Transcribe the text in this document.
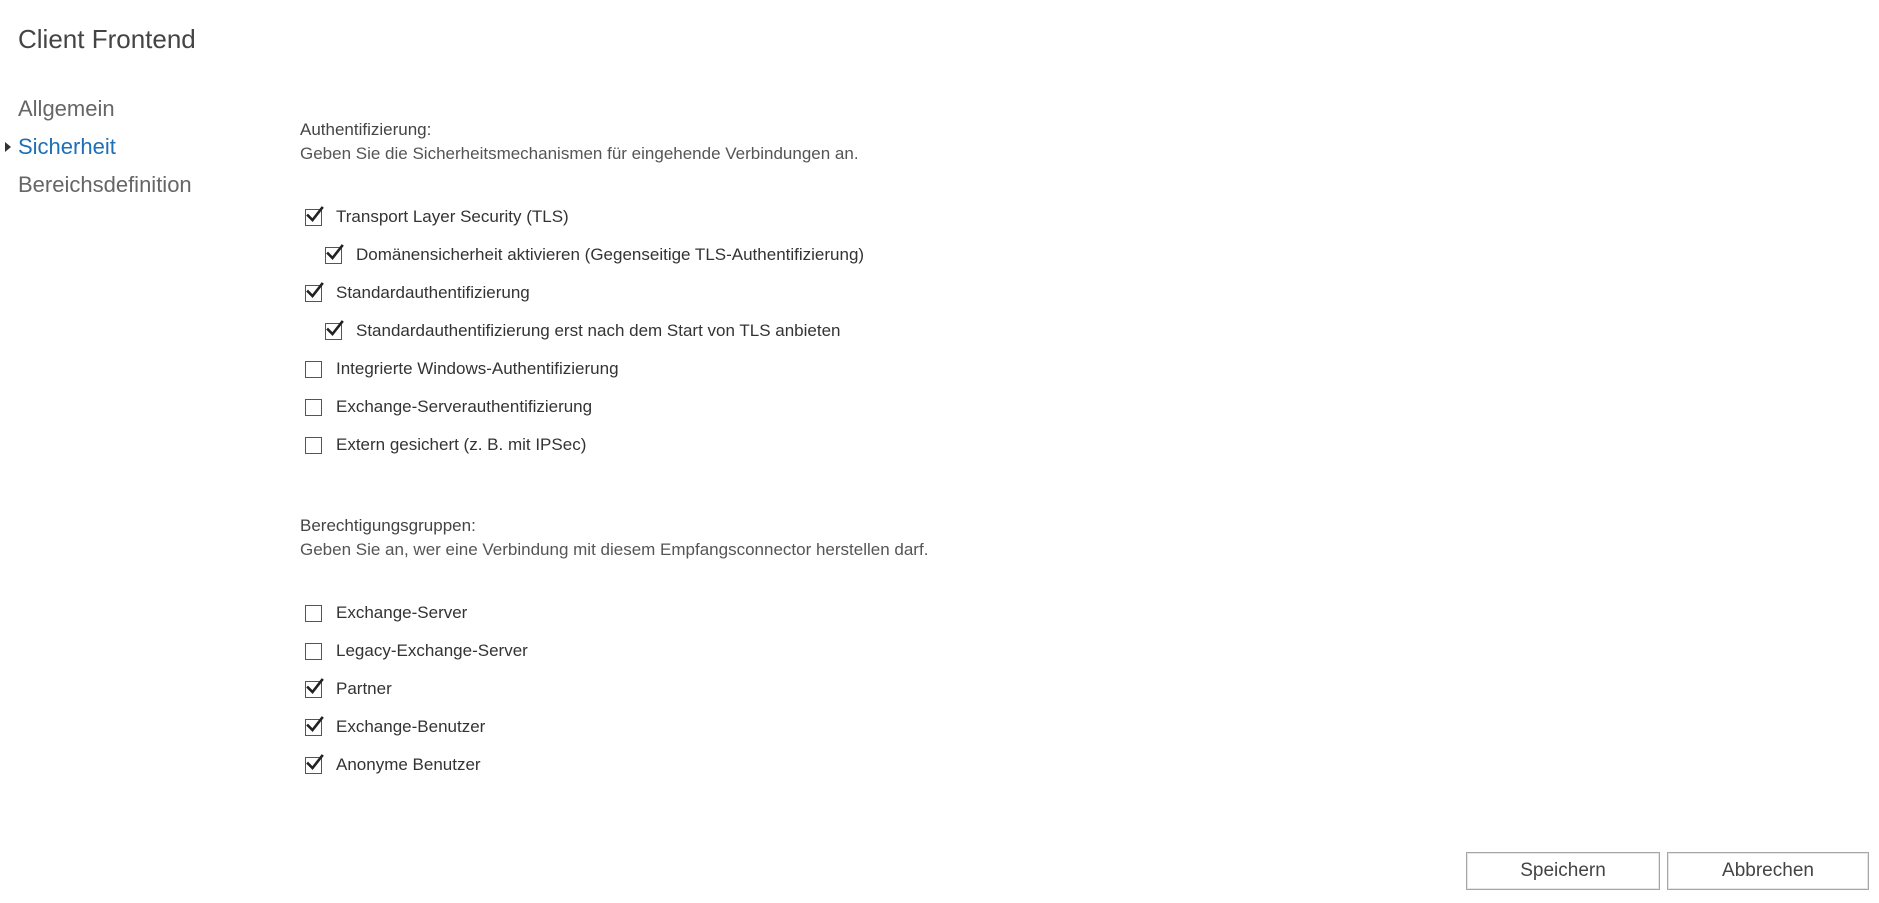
Client Frontend
Allgemein
Sicherheit
Bereichsdefinition
Authentifizierung:
Geben Sie die Sicherheitsmechanismen für eingehende Verbindungen an.
Transport Layer Security (TLS)
Domänensicherheit aktivieren (Gegenseitige TLS-Authentifizierung)
Standardauthentifizierung
Standardauthentifizierung erst nach dem Start von TLS anbieten
Integrierte Windows-Authentifizierung
Exchange-Serverauthentifizierung
Extern gesichert (z. B. mit IPSec)
Berechtigungsgruppen:
Geben Sie an, wer eine Verbindung mit diesem Empfangsconnector herstellen darf.
Exchange-Server
Legacy-Exchange-Server
Partner
Exchange-Benutzer
Anonyme Benutzer
Speichern	Abbrechen
